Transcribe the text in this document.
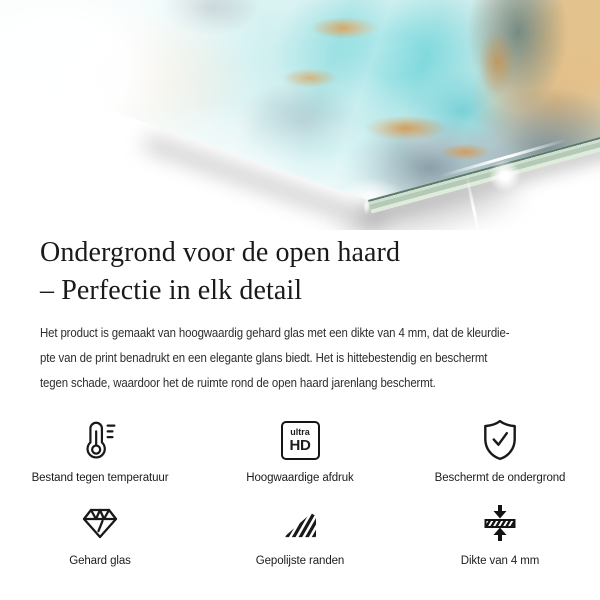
Ondergrond voor de open haard
– Perfectie in elk detail
Het product is gemaakt van hoogwaardig gehard glas met een dikte van 4 mm, dat de kleurdie-
pte van de print benadrukt en een elegante glans biedt. Het is hittebestendig en beschermt
tegen schade, waardoor het de ruimte rond de open haard jarenlang beschermt.
Bestand tegen temperatuur
ultra
HD
Hoogwaardige afdruk	Beschermt de ondergrond
Gehard glas	Gepolijste randen	Dikte van 4 mm
